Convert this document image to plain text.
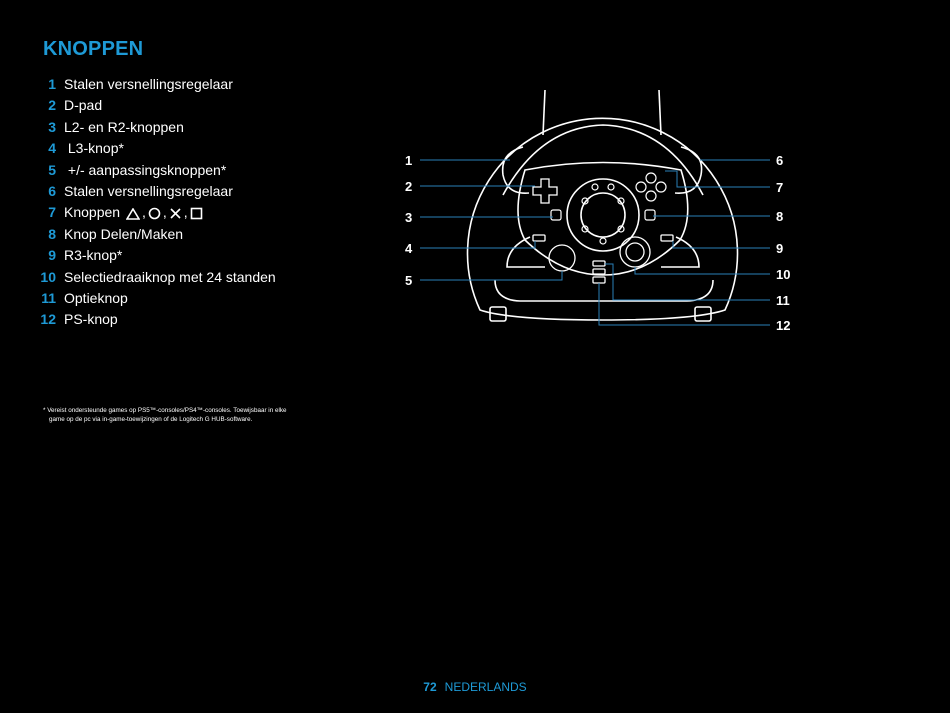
KNOPPEN
1 Stalen versnellingsregelaar
2 D-pad
3 L2- en R2-knoppen
4 L3-knop*
5 +/- aanpassingsknoppen*
6 Stalen versnellingsregelaar
7 Knoppen , , ,
8 Knop Delen/Maken
9 R3-knop*
10 Selectiedraaiknop met 24 standen
11 Optieknop
12 PS-knop
1
2
3
4
5
6
7
8
9
10
11
12
* Vereist ondersteunde games op PS5™-consoles/PS4™-consoles. Toewijsbaar in elke
game op de pc via in-game-toewijzingen of de Logitech G HUB-software.
72 NEDERLANDS
